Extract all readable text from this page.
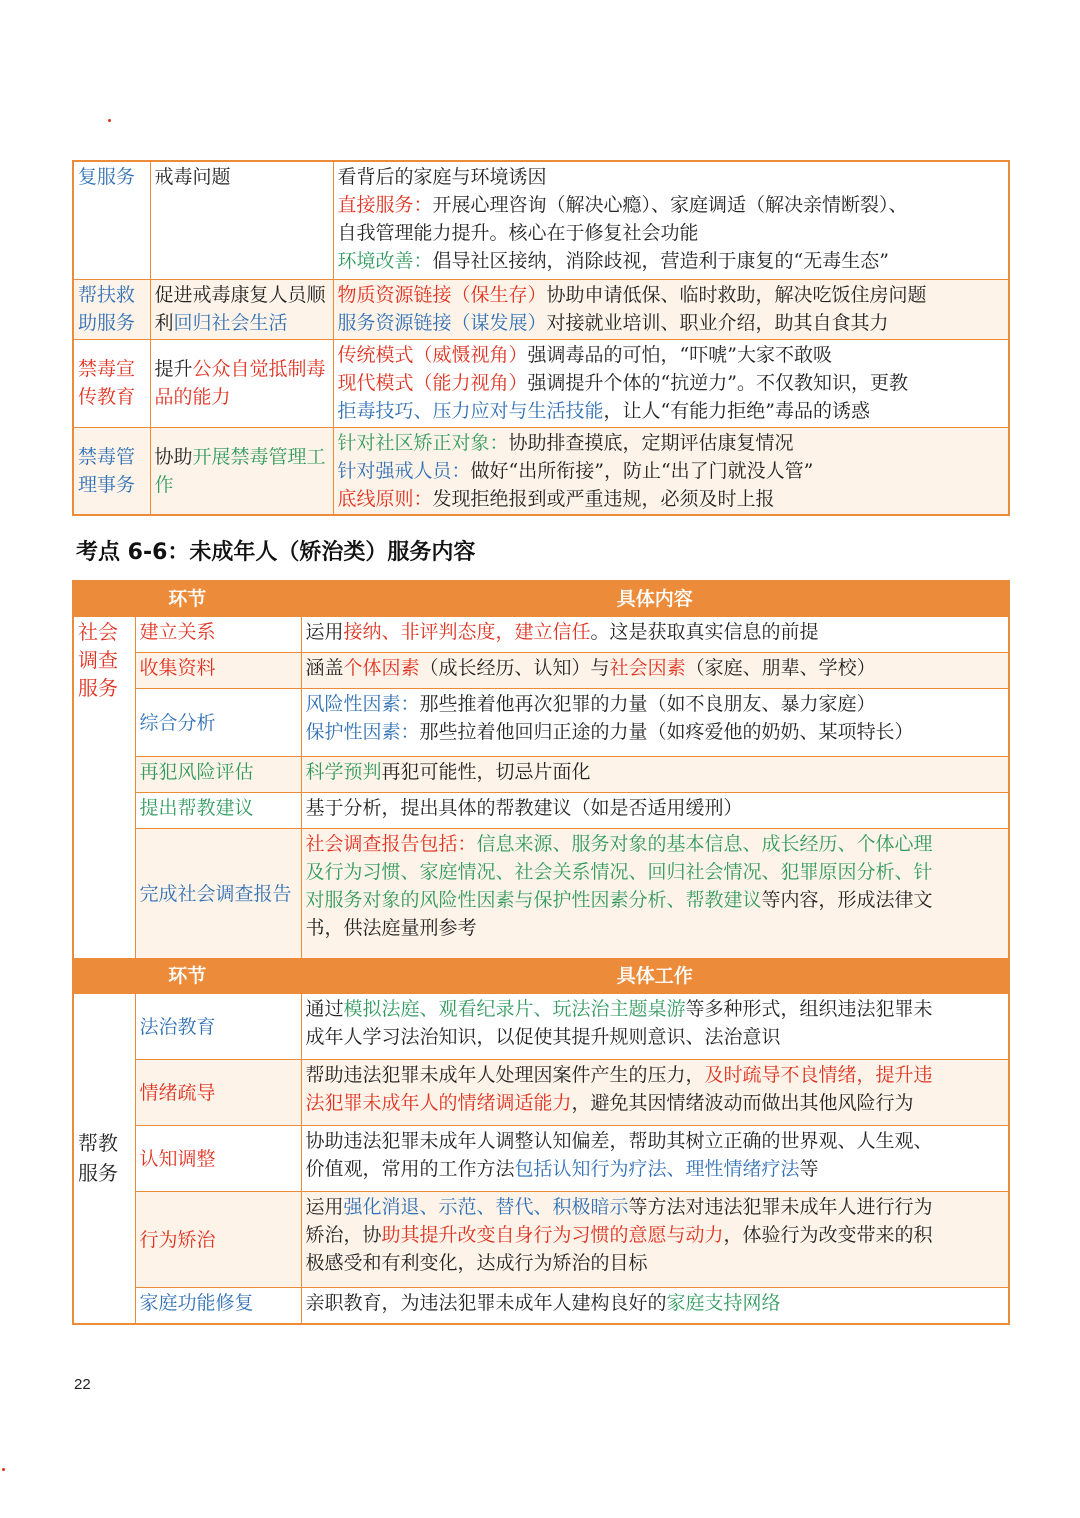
复服务	戒毒问题	看背后的家庭与环境诱因
直接服务：开展心理咨询（解决心瘾）、家庭调适（解决亲情断裂）、
自我管理能力提升。核心在于修复社会功能
环境改善：倡导社区接纳，消除歧视，营造利于康复的“无毒生态”

帮扶救助服务	促进戒毒康复人员顺利回归社会生活	物质资源链接（保生存）协助申请低保、临时救助，解决吃饭住房问题
服务资源链接（谋发展）对接就业培训、职业介绍，助其自食其力

禁毒宣传教育	提升公众自觉抵制毒品的能力	传统模式（威慑视角）强调毒品的可怕，“吓唬”大家不敢吸
现代模式（能力视角）强调提升个体的“抗逆力”。不仅教知识，更教
拒毒技巧、压力应对与生活技能，让人“有能力拒绝”毒品的诱惑

禁毒管理事务	协助开展禁毒管理工作	针对社区矫正对象：协助排查摸底，定期评估康复情况
针对强戒人员：做好“出所衔接”，防止“出了门就没人管”
底线原则：发现拒绝报到或严重违规，必须及时上报
考点 6-6：未成年人（矫治类）服务内容
环节		具体内容

社会调查服务	建立关系	运用接纳、非评判态度，建立信任。这是获取真实信息的前提

	收集资料	涵盖个体因素（成长经历、认知）与社会因素（家庭、朋辈、学校）

	综合分析	风险性因素：那些推着他再次犯罪的力量（如不良朋友、暴力家庭）
保护性因素：那些拉着他回归正途的力量（如疼爱他的奶奶、某项特长）

	再犯风险评估	科学预判再犯可能性，切忌片面化

	提出帮教建议	基于分析，提出具体的帮教建议（如是否适用缓刑）

	完成社会调查报告	社会调查报告包括：信息来源、服务对象的基本信息、成长经历、个体心理
及行为习惯、家庭情况、社会关系情况、回归社会情况、犯罪原因分析、针
对服务对象的风险性因素与保护性因素分析、帮教建议等内容，形成法律文
书，供法庭量刑参考

环节		具体工作

帮教服务	法治教育	通过模拟法庭、观看纪录片、玩法治主题桌游等多种形式，组织违法犯罪未
成年人学习法治知识，以促使其提升规则意识、法治意识

	情绪疏导	帮助违法犯罪未成年人处理因案件产生的压力，及时疏导不良情绪，提升违
法犯罪未成年人的情绪调适能力，避免其因情绪波动而做出其他风险行为

	认知调整	协助违法犯罪未成年人调整认知偏差，帮助其树立正确的世界观、人生观、
价值观，常用的工作方法包括认知行为疗法、理性情绪疗法等

	行为矫治	运用强化消退、示范、替代、积极暗示等方法对违法犯罪未成年人进行行为
矫治，协助其提升改变自身行为习惯的意愿与动力，体验行为改变带来的积
极感受和有利变化，达成行为矫治的目标

	家庭功能修复	亲职教育，为违法犯罪未成年人建构良好的家庭支持网络
22
